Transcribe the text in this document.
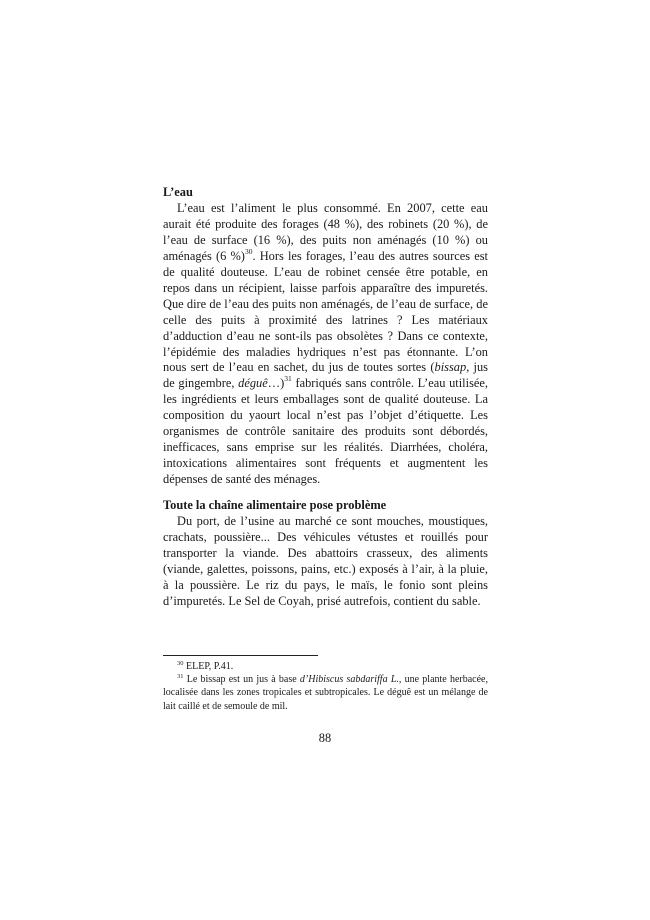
L’eau

L’eau est l’aliment le plus consommé. En 2007, cette eau aurait été produite des forages (48 %), des robinets (20 %), de l’eau de surface (16 %), des puits non aménagés (10 %) ou aménagés (6 %)$^{30}$. Hors les forages, l’eau des autres sources est de qualité douteuse. L’eau de robinet censée être potable, en repos dans un récipient, laisse parfois apparaître des impuretés. Que dire de l’eau des puits non aménagés, de l’eau de surface, de celle des puits à proximité des latrines ? Les matériaux d’adduction d’eau ne sont-ils pas obsolètes ? Dans ce contexte, l’épidémie des maladies hydriques n’est pas étonnante. L’on nous sert de l’eau en sachet, du jus de toutes sortes (bissap, jus de gingembre, déguê…)$^{31}$ fabriqués sans contrôle. L’eau utilisée, les ingrédients et leurs emballages sont de qualité douteuse. La composition du yaourt local n’est pas l’objet d’étiquette. Les organismes de contrôle sanitaire des produits sont débordés, inefficaces, sans emprise sur les réalités. Diarrhées, choléra, intoxications alimentaires sont fréquents et augmentent les dépenses de santé des ménages.

Toute la chaîne alimentaire pose problème

Du port, de l’usine au marché ce sont mouches, moustiques, crachats, poussière... Des véhicules vétustes et rouillés pour transporter la viande. Des abattoirs crasseux, des aliments (viande, galettes, poissons, pains, etc.) exposés à l’air, à la pluie, à la poussière. Le riz du pays, le maïs, le fonio sont pleins d’impuretés. Le Sel de Coyah, prisé autrefois, contient du sable.

$^{30}$ ELEP, P.41.

$^{31}$ Le bissap est un jus à base d’Hibiscus sabdariffa L., une plante herbacée, localisée dans les zones tropicales et subtropicales. Le déguê est un mélange de lait caillé et de semoule de mil.

88
